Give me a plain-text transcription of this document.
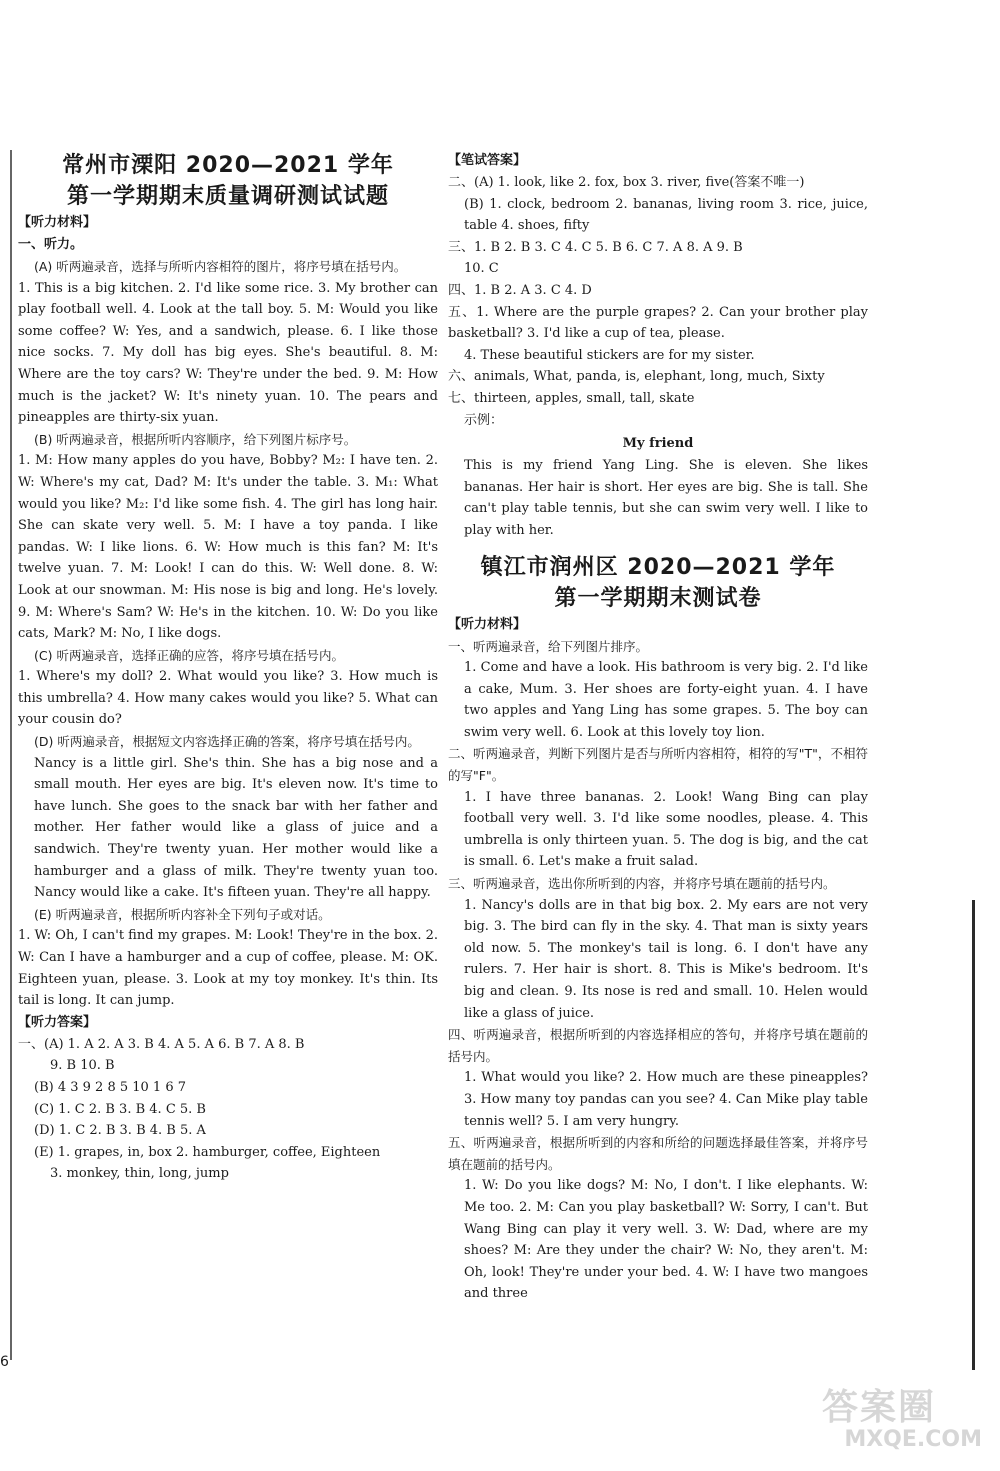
常州市溧阳 2020—2021 学年
第一学期期末质量调研测试试题
【听力材料】
一、听力。

(A) 听两遍录音，选择与所听内容相符的图片，将序号填在括号内。

1. This is a big kitchen. 2. I'd like some rice. 3. My brother can play football well. 4. Look at the tall boy. 5. M: Would you like some coffee? W: Yes, and a sandwich, please. 6. I like those nice socks. 7. My doll has big eyes. She's beautiful. 8. M: Where are the toy cars? W: They're under the bed. 9. M: How much is the jacket? W: It's ninety yuan. 10. The pears and pineapples are thirty-six yuan.

(B) 听两遍录音，根据所听内容顺序，给下列图片标序号。

1. M: How many apples do you have, Bobby? M₂: I have ten. 2. W: Where's my cat, Dad? M: It's under the table. 3. M₁: What would you like? M₂: I'd like some fish. 4. The girl has long hair. She can skate very well. 5. M: I have a toy panda. I like pandas. W: I like lions. 6. W: How much is this fan? M: It's twelve yuan. 7. M: Look! I can do this. W: Well done. 8. W: Look at our snowman. M: His nose is big and long. He's lovely. 9. M: Where's Sam? W: He's in the kitchen. 10. W: Do you like cats, Mark? M: No, I like dogs.

(C) 听两遍录音，选择正确的应答，将序号填在括号内。

1. Where's my doll? 2. What would you like? 3. How much is this umbrella? 4. How many cakes would you like? 5. What can your cousin do?

(D) 听两遍录音，根据短文内容选择正确的答案，将序号填在括号内。

Nancy is a little girl. She's thin. She has a big nose and a small mouth. Her eyes are big. It's eleven now. It's time to have lunch. She goes to the snack bar with her father and mother. Her father would like a glass of juice and a sandwich. They're twenty yuan. Her mother would like a hamburger and a glass of milk. They're twenty yuan too. Nancy would like a cake. It's fifteen yuan. They're all happy.

(E) 听两遍录音，根据所听内容补全下列句子或对话。

1. W: Oh, I can't find my grapes. M: Look! They're in the box. 2. W: Can I have a hamburger and a cup of coffee, please. M: OK. Eighteen yuan, please. 3. Look at my toy monkey. It's thin. Its tail is long. It can jump.

【听力答案】

一、(A) 1. A 2. A 3. B 4. A 5. A 6. B 7. A 8. B

9. B 10. B

(B) 4 3 9 2 8 5 10 1 6 7

(C) 1. C 2. B 3. B 4. C 5. B

(D) 1. C 2. B 3. B 4. B 5. A

(E) 1. grapes, in, box 2. hamburger, coffee, Eighteen

3. monkey, thin, long, jump

【笔试答案】

二、(A) 1. look, like 2. fox, box 3. river, five(答案不唯一)

(B) 1. clock, bedroom 2. bananas, living room 3. rice, juice, table 4. shoes, fifty

三、1. B 2. B 3. C 4. C 5. B 6. C 7. A 8. A 9. B

10. C

四、1. B 2. A 3. C 4. D

五、1. Where are the purple grapes? 2. Can your brother play basketball? 3. I'd like a cup of tea, please.

4. These beautiful stickers are for my sister.

六、animals, What, panda, is, elephant, long, much, Sixty

七、thirteen, apples, small, tall, skate

示例：

My friend

This is my friend Yang Ling. She is eleven. She likes bananas. Her hair is short. Her eyes are big. She is tall. She can't play table tennis, but she can swim very well. I like to play with her.

镇江市润州区 2020—2021 学年
第一学期期末测试卷
【听力材料】

一、听两遍录音，给下列图片排序。

1. Come and have a look. His bathroom is very big. 2. I'd like a cake, Mum. 3. Her shoes are forty-eight yuan. 4. I have two apples and Yang Ling has some grapes. 5. The boy can swim very well. 6. Look at this lovely toy lion.

二、听两遍录音，判断下列图片是否与所听内容相符，相符的写"T"，不相符的写"F"。

1. I have three bananas. 2. Look! Wang Bing can play football very well. 3. I'd like some noodles, please. 4. This umbrella is only thirteen yuan. 5. The dog is big, and the cat is small. 6. Let's make a fruit salad.

三、听两遍录音，选出你所听到的内容，并将序号填在题前的括号内。

1. Nancy's dolls are in that big box. 2. My ears are not very big. 3. The bird can fly in the sky. 4. That man is sixty years old now. 5. The monkey's tail is long. 6. I don't have any rulers. 7. Her hair is short. 8. This is Mike's bedroom. It's big and clean. 9. Its nose is red and small. 10. Helen would like a glass of juice.

四、听两遍录音，根据所听到的内容选择相应的答句，并将序号填在题前的括号内。

1. What would you like? 2. How much are these pineapples? 3. How many toy pandas can you see? 4. Can Mike play table tennis well? 5. I am very hungry.

五、听两遍录音，根据所听到的内容和所给的问题选择最佳答案，并将序号填在题前的括号内。

1. W: Do you like dogs? M: No, I don't. I like elephants. W: Me too. 2. M: Can you play basketball? W: Sorry, I can't. But Wang Bing can play it very well. 3. W: Dad, where are my shoes? M: Are they under the chair? W: No, they aren't. M: Oh, look! They're under your bed. 4. W: I have two mangoes and three

6
答案圈
MXQE.COM
